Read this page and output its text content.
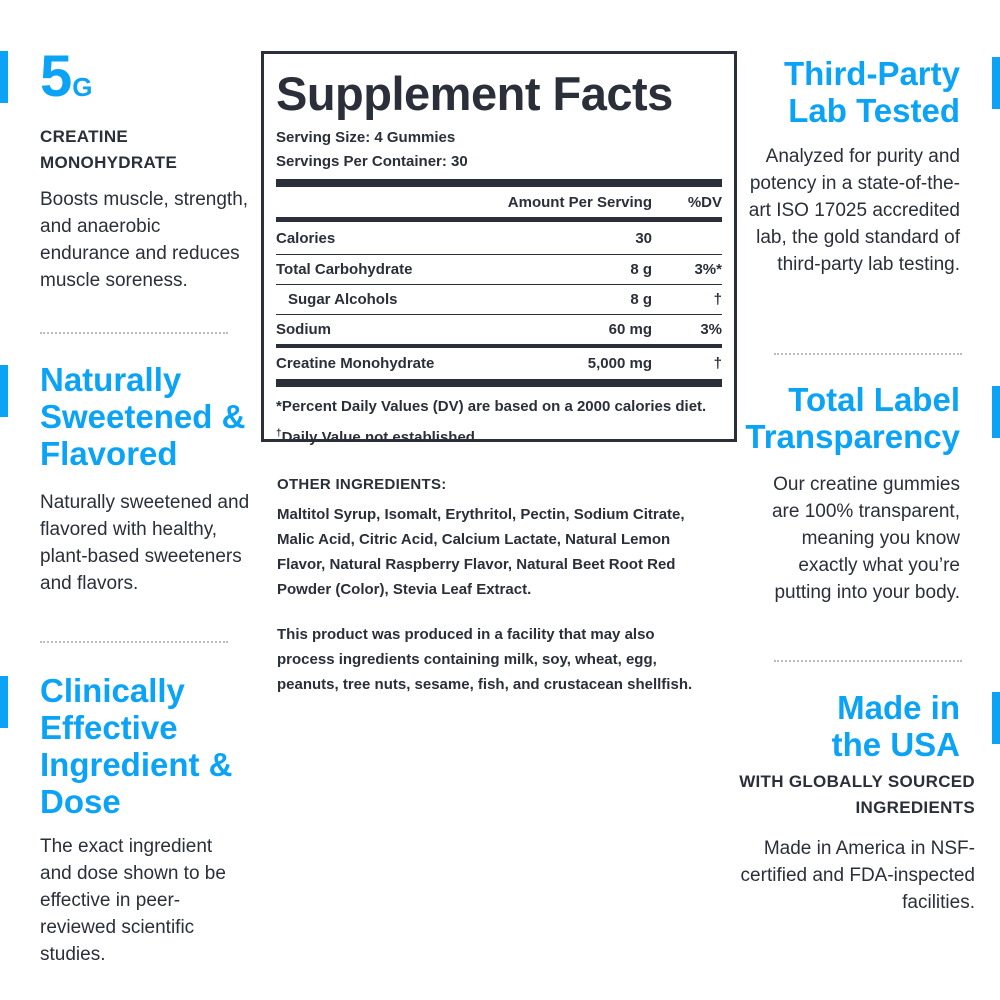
5G

CREATINE MONOHYDRATE

Boosts muscle, strength, and anaerobic endurance and reduces muscle soreness.

Naturally Sweetened & Flavored

Naturally sweetened and flavored with healthy, plant-based sweeteners and flavors.

Clinically Effective Ingredient & Dose

The exact ingredient and dose shown to be effective in peer-reviewed scientific studies.

Supplement Facts
Serving Size: 4 Gummies
Servings Per Container: 30
Amount Per Serving	%DV
Calories	30
Total Carbohydrate	8 g	3%*
Sugar Alcohols	8 g	†
Sodium	60 mg	3%
Creatine Monohydrate	5,000 mg	†
*Percent Daily Values (DV) are based on a 2000 calories diet.
†Daily Value not established.
OTHER INGREDIENTS:
Maltitol Syrup, Isomalt, Erythritol, Pectin, Sodium Citrate, Malic Acid, Citric Acid, Calcium Lactate, Natural Lemon Flavor, Natural Raspberry Flavor, Natural Beet Root Red Powder (Color), Stevia Leaf Extract.
This product was produced in a facility that may also process ingredients containing milk, soy, wheat, egg, peanuts, tree nuts, sesame, fish, and crustacean shellfish.
Third-Party Lab Tested

Analyzed for purity and potency in a state-of-the-art ISO 17025 accredited lab, the gold standard of third-party lab testing.

Total Label Transparency

Our creatine gummies are 100% transparent, meaning you know exactly what you’re putting into your body.

Made in the USA

WITH GLOBALLY SOURCED INGREDIENTS

Made in America in NSF-certified and FDA-inspected facilities.
